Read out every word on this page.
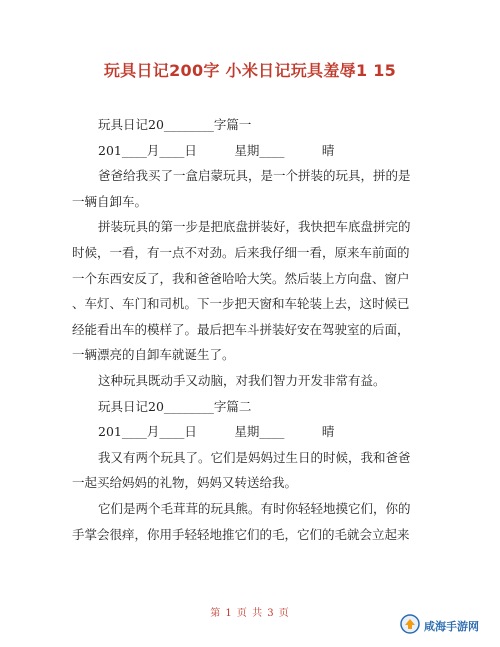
玩具日记200字 小米日记玩具羞辱1 15
玩具日记20________字篇一
201____月____日　　　星期____　　　晴
爸爸给我买了一盒启蒙玩具，是一个拼装的玩具，拼的是
一辆自卸车。
拼装玩具的第一步是把底盘拼装好，我快把车底盘拼完的
时候，一看，有一点不对劲。后来我仔细一看，原来车前面的
一个东西安反了，我和爸爸哈哈大笑。然后装上方向盘、窗户
、车灯、车门和司机。下一步把天窗和车轮装上去，这时候已
经能看出车的模样了。最后把车斗拼装好安在驾驶室的后面，
一辆漂亮的自卸车就诞生了。
这种玩具既动手又动脑，对我们智力开发非常有益。
玩具日记20________字篇二
201____月____日　　　星期____　　　晴
我又有两个玩具了。它们是妈妈过生日的时候，我和爸爸
一起买给妈妈的礼物，妈妈又转送给我。
它们是两个毛茸茸的玩具熊。有时你轻轻地摸它们，你的
手掌会很痒，你用手轻轻地推它们的毛，它们的毛就会立起来
第 1 页 共 3 页
咸海手游网
